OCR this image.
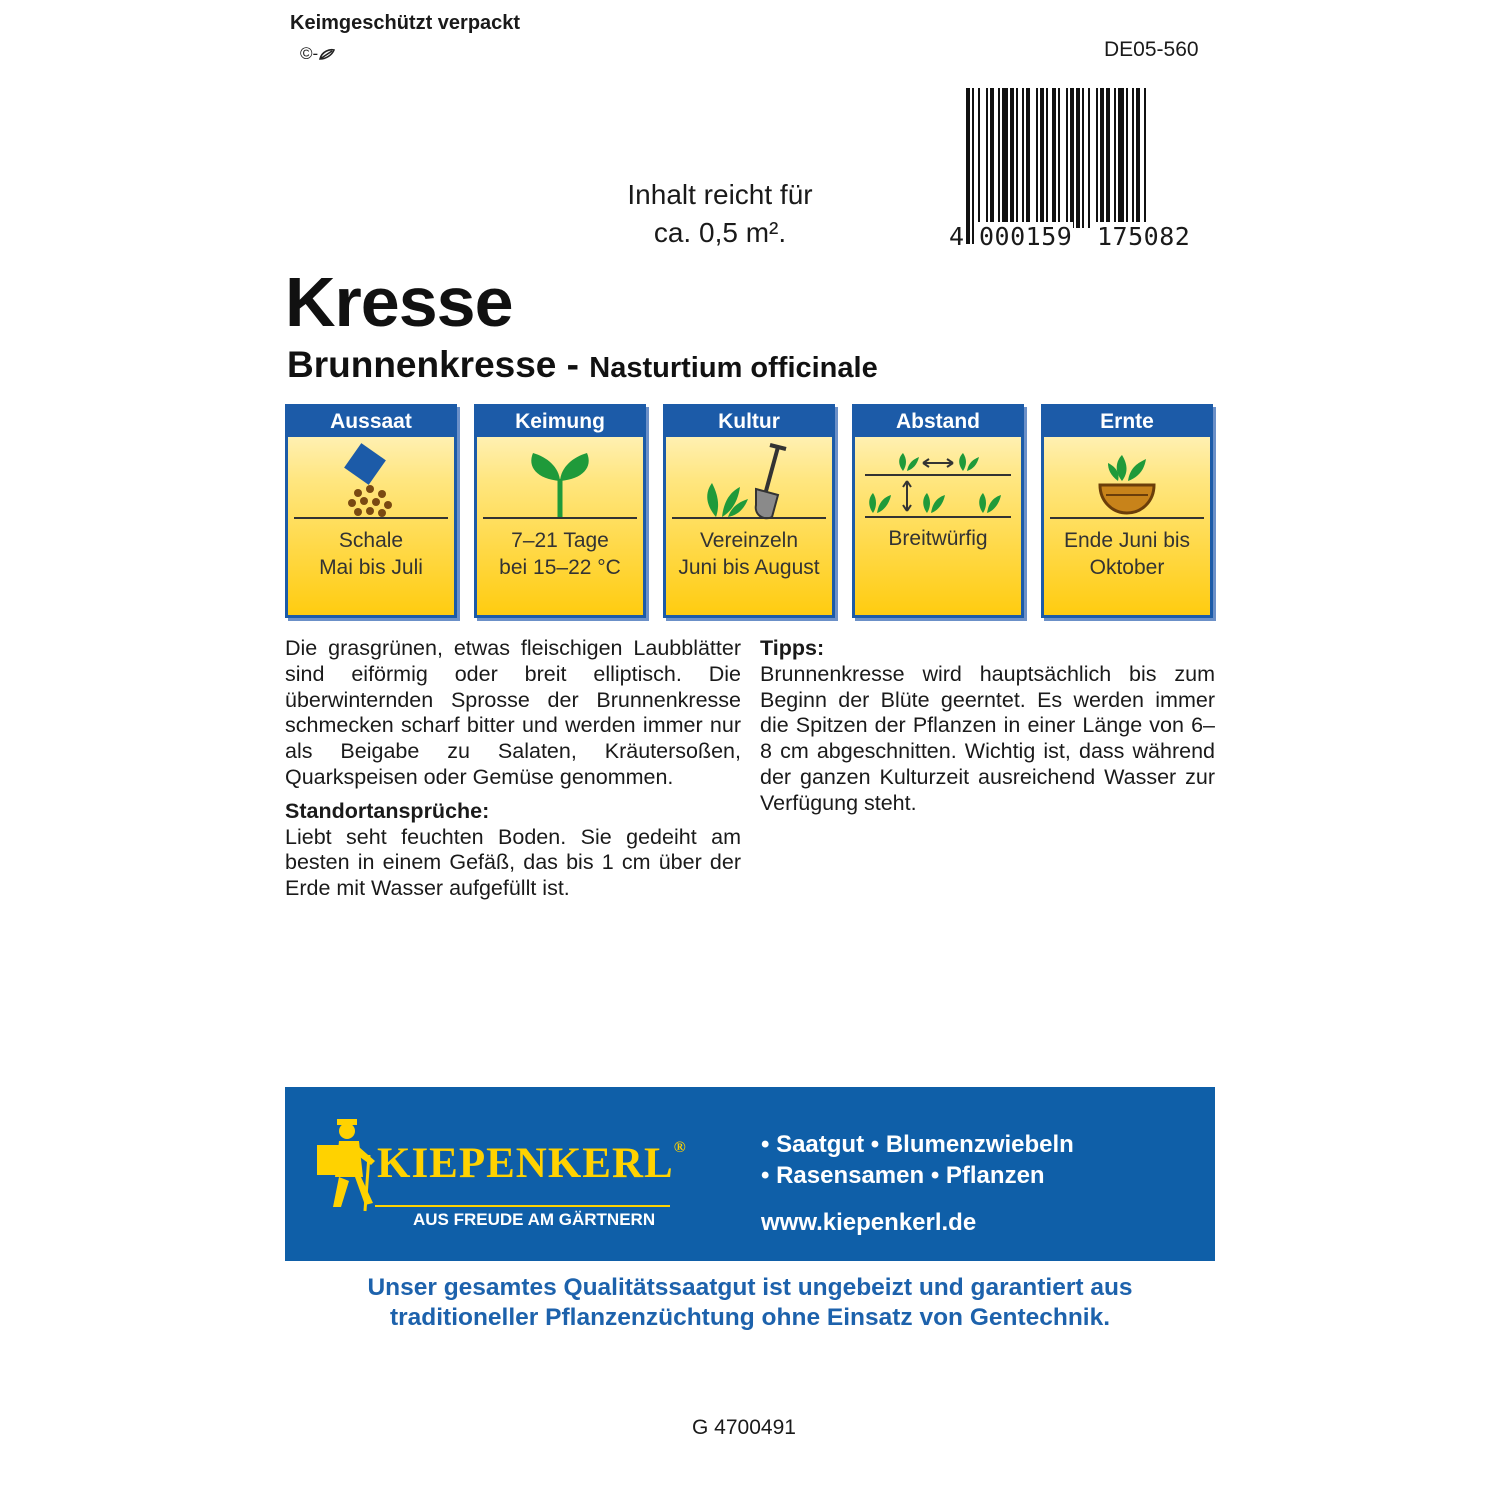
Keimgeschützt verpackt
©-	DE05-560
4 000159 175082
Inhalt reicht für
ca. 0,5 m².
Kresse
Brunnenkresse - Nasturtium officinale
Aussaat
Schale
Mai bis Juli
Keimung
7–21 Tage
bei 15–22 °C
Kultur
Vereinzeln
Juni bis August
Abstand
Breitwürfig
Ernte
Ende Juni bis
Oktober

Die grasgrünen, etwas fleischigen Laubblätter sind eiförmig oder breit elliptisch. Die überwinternden Sprosse der Brunnenkresse schmecken scharf bitter und werden immer nur als Beigabe zu Salaten, Kräutersoßen, Quarkspeisen oder Gemüse genommen.

Standortansprüche:

Liebt seht feuchten Boden. Sie gedeiht am besten in einem Gefäß, das bis 1 cm über der Erde mit Wasser aufgefüllt ist.

Tipps:

Brunnenkresse wird hauptsächlich bis zum Beginn der Blüte geerntet. Es werden immer die Spitzen der Pflanzen in einer Länge von 6–8 cm abgeschnitten. Wichtig ist, dass während der ganzen Kulturzeit ausreichend Wasser zur Verfügung steht.

KIEPENKERL®
AUS FREUDE AM GÄRTNERN
• Saatgut • Blumenzwiebeln
• Rasensamen • Pflanzen
www.kiepenkerl.de
Unser gesamtes Qualitätssaatgut ist ungebeizt und garantiert aus
traditioneller Pflanzenzüchtung ohne Einsatz von Gentechnik.
G 4700491
